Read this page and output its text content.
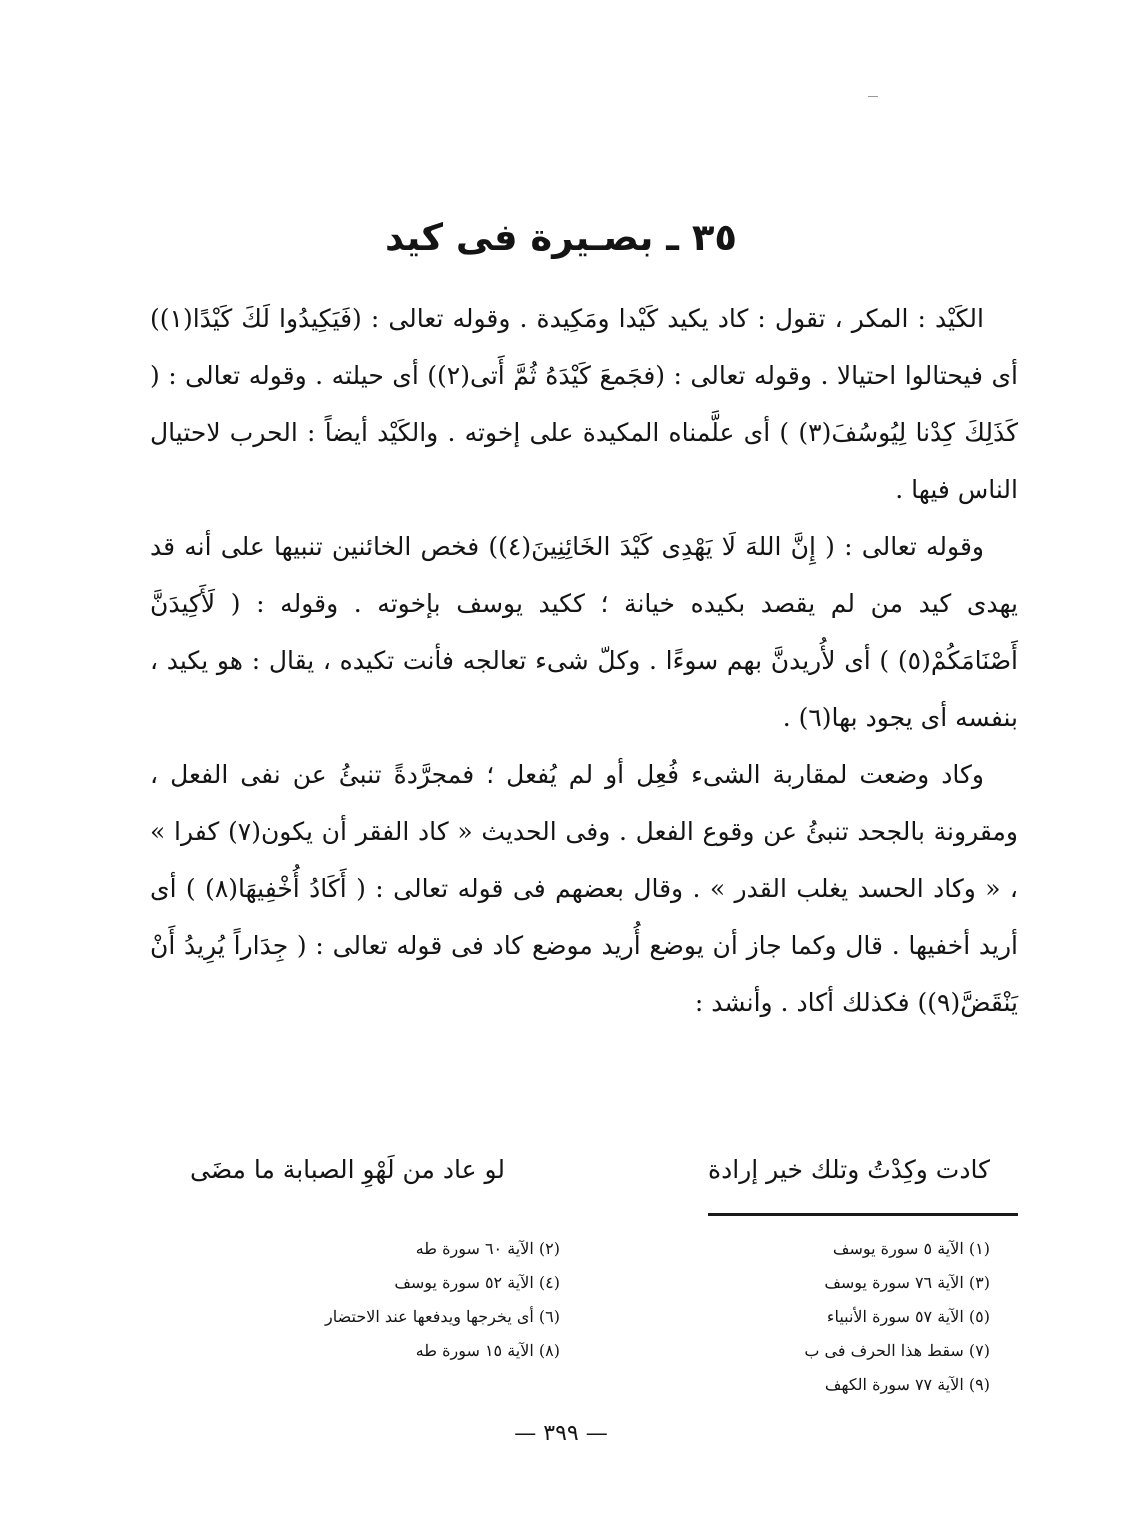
٣٥ ـ بصـيرة فى كيد

الكَيْد : المكر ، تقول : كاد يكيد كَيْدا ومَكِيدة . وقوله تعالى : (فَيَكِيدُوا لَكَ كَيْدًا(١)) أى فيحتالوا احتيالا . وقوله تعالى : (فجَمعَ كَيْدَهُ ثُمَّ أَتى(٢)) أى حيلته . وقوله تعالى : ( كَذَلِكَ كِدْنا لِيُوسُفَ(٣) ) أى علَّمناه المكيدة على إخوته . والكَيْد أيضاً : الحرب لاحتيال الناس فيها .

وقوله تعالى : ( إِنَّ اللهَ لَا يَهْدِى كَيْدَ الخَائِنِينَ(٤)) فخص الخائنين تنبيها على أنه قد يهدى كيد من لم يقصد بكيده خيانة ؛ ككيد يوسف بإخوته . وقوله : ( لَأَكِيدَنَّ أَصْنَامَكُمْ(٥) ) أى لأُريدنَّ بهم سوءًا . وكلّ شىء تعالجه فأنت تكيده ، يقال : هو يكيد ، بنفسه أى يجود بها(٦) .

وكاد وضعت لمقاربة الشىء فُعِل أو لم يُفعل ؛ فمجرَّدةً تنبئُ عن نفى الفعل ، ومقرونة بالجحد تنبئُ عن وقوع الفعل . وفى الحديث « كاد الفقر أن يكون(٧) كفرا » ، « وكاد الحسد يغلب القدر » . وقال بعضهم فى قوله تعالى : ( أَكَادُ أُخْفِيهَا(٨) ) أى أريد أخفيها . قال وكما جاز أن يوضع أُريد موضع كاد فى قوله تعالى : ( جِدَاراً يُرِيدُ أَنْ يَنْقَضَّ(٩)) فكذلك أكاد . وأنشد :

كادت وكِدْتُ وتلك خير إرادة
لو عاد من لَهْوِ الصبابة ما مضَى
(١) الآية ٥ سورة يوسف
(٣) الآية ٧٦ سورة يوسف
(٥) الآية ٥٧ سورة الأنبياء
(٧) سقط هذا الحرف فى ب
(٩) الآية ٧٧ سورة الكهف
(٢) الآية ٦٠ سورة طه
(٤) الآية ٥٢ سورة يوسف
(٦) أى يخرجها ويدفعها عند الاحتضار
(٨) الآية ١٥ سورة طه
— ٣٩٩ —
